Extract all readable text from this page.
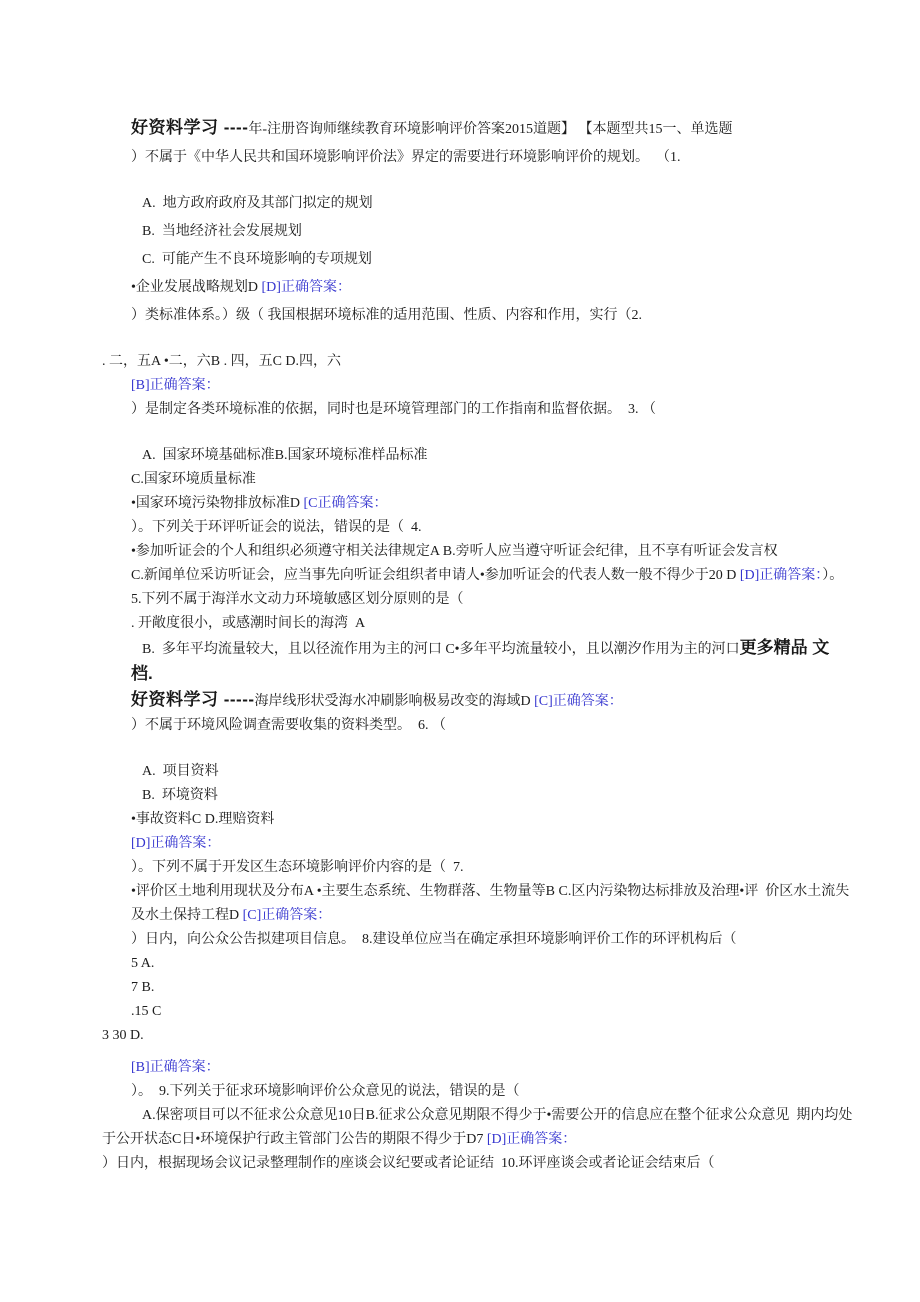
好资料学习 ----年-注册咨询师继续教育环境影响评价答案2015道题】 【本题型共15一、单选题
）不属于《中华人民共和国环境影响评价法》界定的需要进行环境影响评价的规划。  （1.
A.  地方政府政府及其部门拟定的规划
B.  当地经济社会发展规划
C.  可能产生不良环境影响的专项规划
•企业发展战略规划D [D]正确答案：
）类标准体系。）级（ 我国根据环境标准的适用范围、性质、内容和作用，实行（2.
. 二，五A •二，六B . 四，五C D.四，六
[B]正确答案：
）是制定各类环境标准的依据，同时也是环境管理部门的工作指南和监督依据。  3. （
A.  国家环境基础标准B.国家环境标准样品标准
C.国家环境质量标准
•国家环境污染物排放标准D [C正确答案：
）。下列关于环评听证会的说法，错误的是（  4.
•参加听证会的个人和组织必须遵守相关法律规定A B.旁听人应当遵守听证会纪律，且不享有听证会发言权
C.新闻单位采访听证会，应当事先向听证会组织者申请人•参加听证会的代表人数一般不得少于20 D [D]正确答案：）。
5.下列不属于海洋水文动力环境敏感区划分原则的是（
. 开敞度很小，或感潮时间长的海湾  A
B.  多年平均流量较大，且以径流作用为主的河口 C•多年平均流量较小，且以潮汐作用为主的河口更多精品 文
档.
好资料学习 -----海岸线形状受海水冲刷影响极易改变的海域D [C]正确答案：
）不属于环境风险调查需要收集的资料类型。  6. （
A.  项目资料
B.  环境资料
•事故资料C D.理赔资料
[D]正确答案：
）。下列不属于开发区生态环境影响评价内容的是（  7.
•评价区土地利用现状及分布A •主要生态系统、生物群落、生物量等B C.区内污染物达标排放及治理•评  价区水土流失
及水土保持工程D [C]正确答案：
）日内，向公众公告拟建项目信息。  8.建设单位应当在确定承担环境影响评价工作的环评机构后（
5 A.
7 B.
.15 C
3 30 D.
[B]正确答案：
）。  9.下列关于征求环境影响评价公众意见的说法，错误的是（
A.保密项目可以不征求公众意见10日B.征求公众意见期限不得少于•需要公开的信息应在整个征求公众意见  期内均处
于公开状态C日•环境保护行政主管部门公告的期限不得少于D7 [D]正确答案：
）日内，根据现场会议记录整理制作的座谈会议纪要或者论证结  10.环评座谈会或者论证会结束后（
